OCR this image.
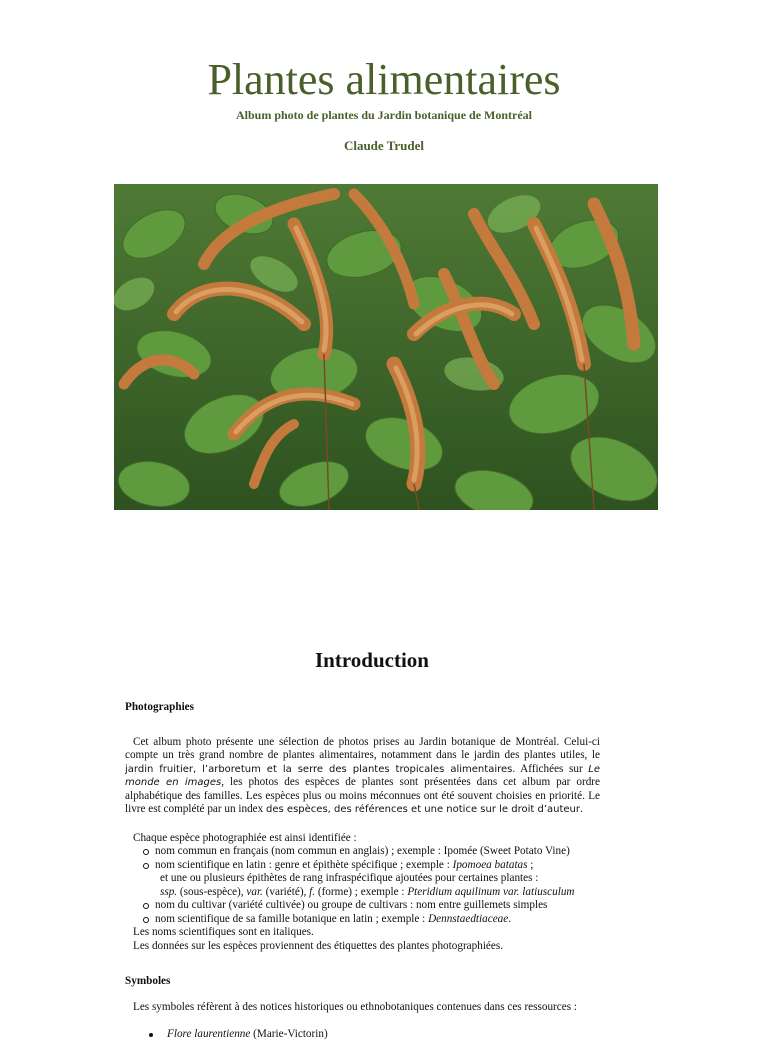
Plantes alimentaires
Album photo de plantes du Jardin botanique de Montréal
Claude Trudel
Introduction
Photographies

Cet album photo présente une sélection de photos prises au Jardin botanique de Montréal. Celui-ci compte un très grand nombre de plantes alimentaires, notamment dans le jardin des plantes utiles, le jardin fruitier, l’arboretum et la serre des plantes tropicales alimentaires. Affichées sur Le monde en images, les photos des espèces de plantes sont présentées dans cet album par ordre alphabétique des familles. Les espèces plus ou moins méconnues ont été souvent choisies en priorité. Le livre est complété par un index des espèces, des références et une notice sur le droit d’auteur.

Chaque espèce photographiée est ainsi identifiée :
nom commun en français (nom commun en anglais) ; exemple : Ipomée (Sweet Potato Vine)
nom scientifique en latin : genre et épithète spécifique ; exemple : Ipomoea batatas ;
et une ou plusieurs épithètes de rang infraspécifique ajoutées pour certaines plantes :
ssp. (sous-espèce), var. (variété), f. (forme) ; exemple : Pteridium aquilinum var. latiusculum
nom du cultivar (variété cultivée) ou groupe de cultivars : nom entre guillemets simples
nom scientifique de sa famille botanique en latin ; exemple : Dennstaedtiaceae.
Les noms scientifiques sont en italiques.
Les données sur les espèces proviennent des étiquettes des plantes photographiées.
Symboles
Les symboles réfèrent à des notices historiques ou ethnobotaniques contenues dans ces ressources :
Flore laurentienne (Marie-Victorin)
